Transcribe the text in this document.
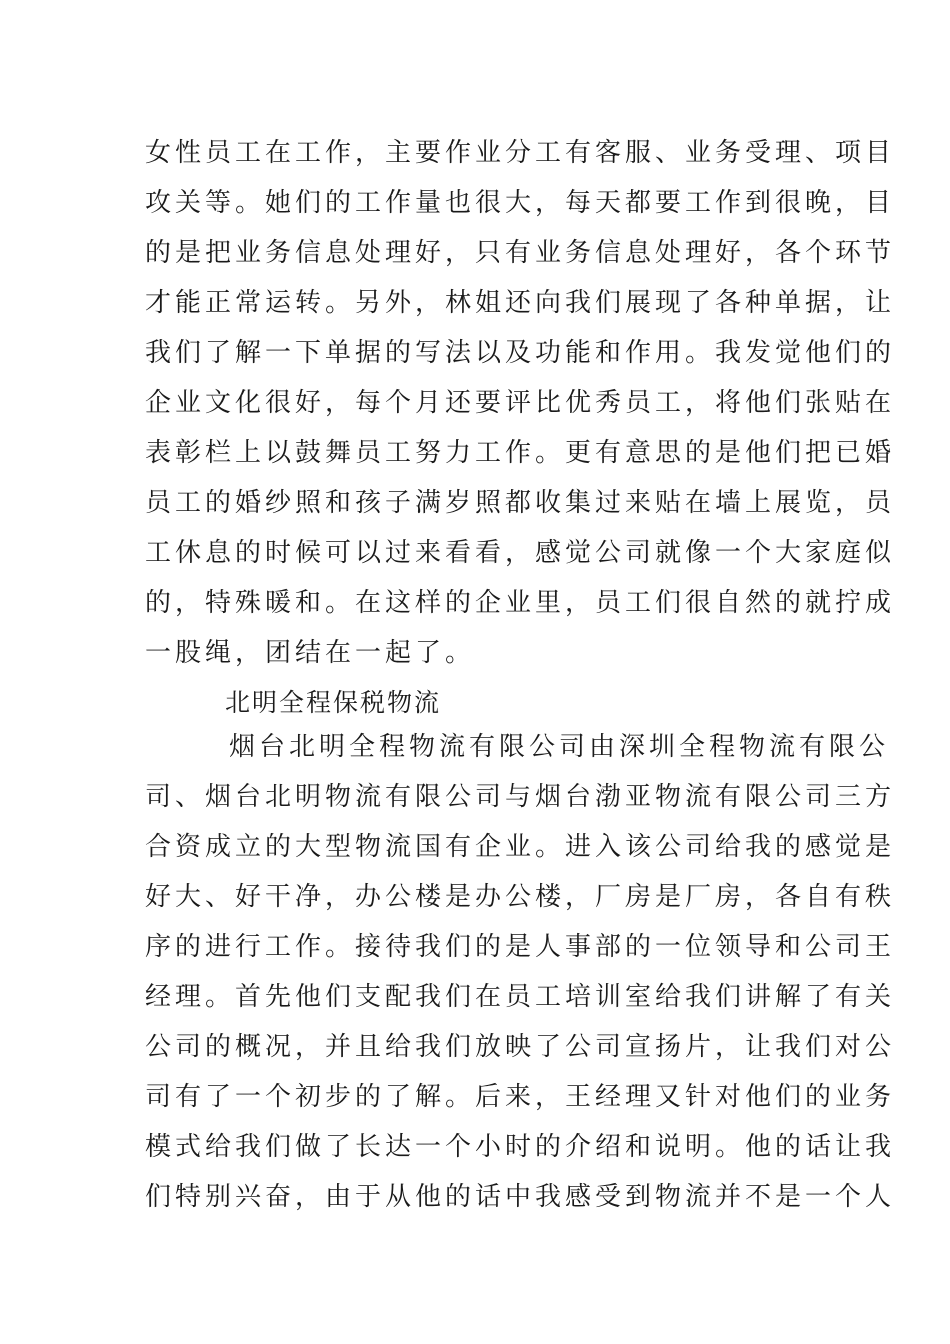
女性员工在工作，主要作业分工有客服、业务受理、项目
攻关等。她们的工作量也很大，每天都要工作到很晚，目
的是把业务信息处理好，只有业务信息处理好，各个环节
才能正常运转。另外，林姐还向我们展现了各种单据，让
我们了解一下单据的写法以及功能和作用。我发觉他们的
企业文化很好，每个月还要评比优秀员工，将他们张贴在
表彰栏上以鼓舞员工努力工作。更有意思的是他们把已婚
员工的婚纱照和孩子满岁照都收集过来贴在墙上展览，员
工休息的时候可以过来看看，感觉公司就像一个大家庭似
的，特殊暖和。在这样的企业里，员工们很自然的就拧成
一股绳，团结在一起了。
北明全程保税物流
烟台北明全程物流有限公司由深圳全程物流有限公
司、烟台北明物流有限公司与烟台渤亚物流有限公司三方
合资成立的大型物流国有企业。进入该公司给我的感觉是
好大、好干净，办公楼是办公楼，厂房是厂房，各自有秩
序的进行工作。接待我们的是人事部的一位领导和公司王
经理。首先他们支配我们在员工培训室给我们讲解了有关
公司的概况，并且给我们放映了公司宣扬片，让我们对公
司有了一个初步的了解。后来，王经理又针对他们的业务
模式给我们做了长达一个小时的介绍和说明。他的话让我
们特别兴奋，由于从他的话中我感受到物流并不是一个人
